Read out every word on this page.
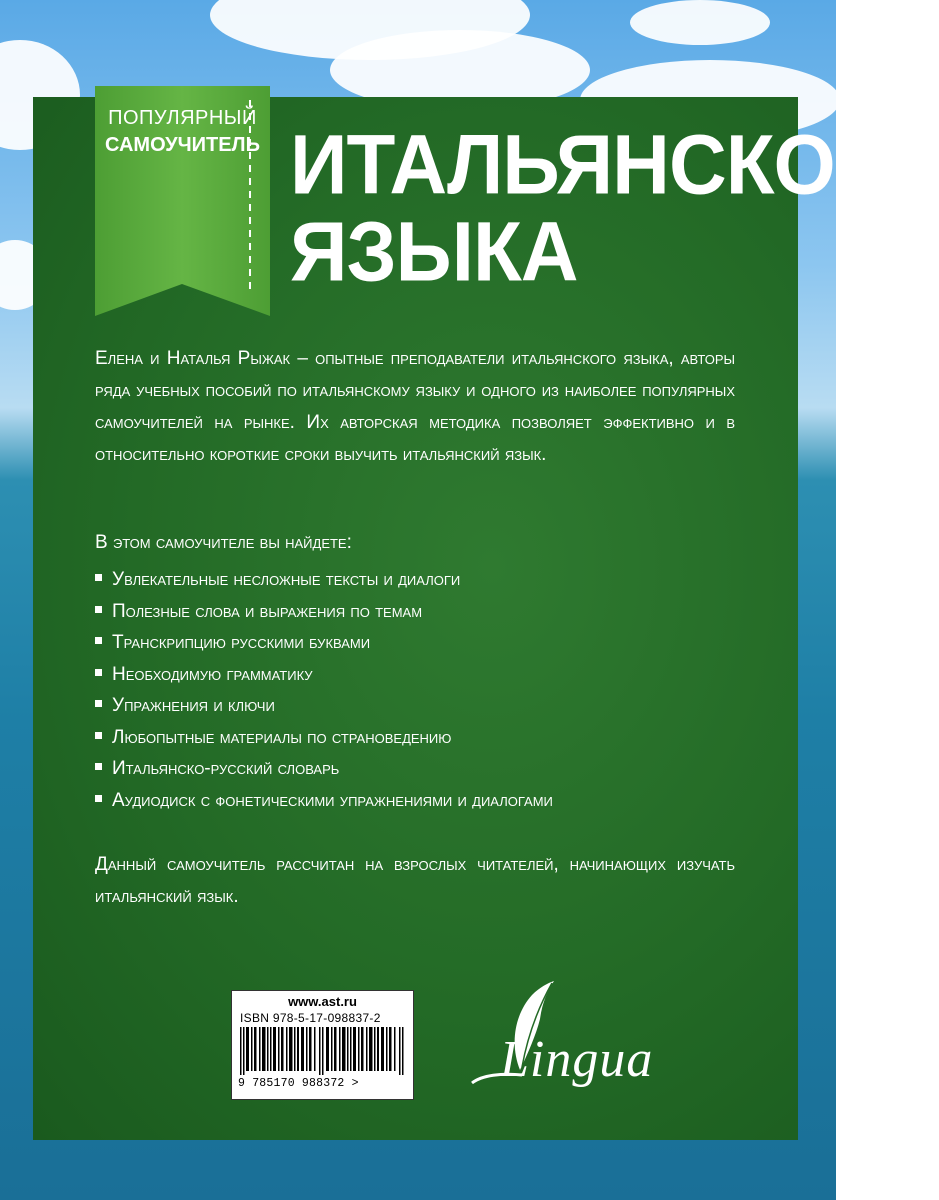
ПОПУЛЯРНЫЙ
САМОУЧИТЕЛЬ ИТАЛЬЯНСКОГО
ЯЗЫКА
Елена и Наталья Рыжак – опытные преподаватели итальянского языка, авторы ряда учебных пособий по итальянскому языку и одного из наиболее популярных самоучителей на рынке. Их авторская методика позволяет эффективно и в относительно короткие сроки выучить итальянский язык.
В этом самоучителе вы найдете:
Увлекательные несложные тексты и диалоги
Полезные слова и выражения по темам
Транскрипцию русскими буквами
Необходимую грамматику
Упражнения и ключи
Любопытные материалы по страноведению
Итальянско-русский словарь
Аудиодиск с фонетическими упражнениями и диалогами
Данный самоучитель рассчитан на взрослых читателей, начинающих изучать итальянский язык.
www.ast.ru
ISBN 978-5-17-098837-2
9 785170 988372 >	Lingua
